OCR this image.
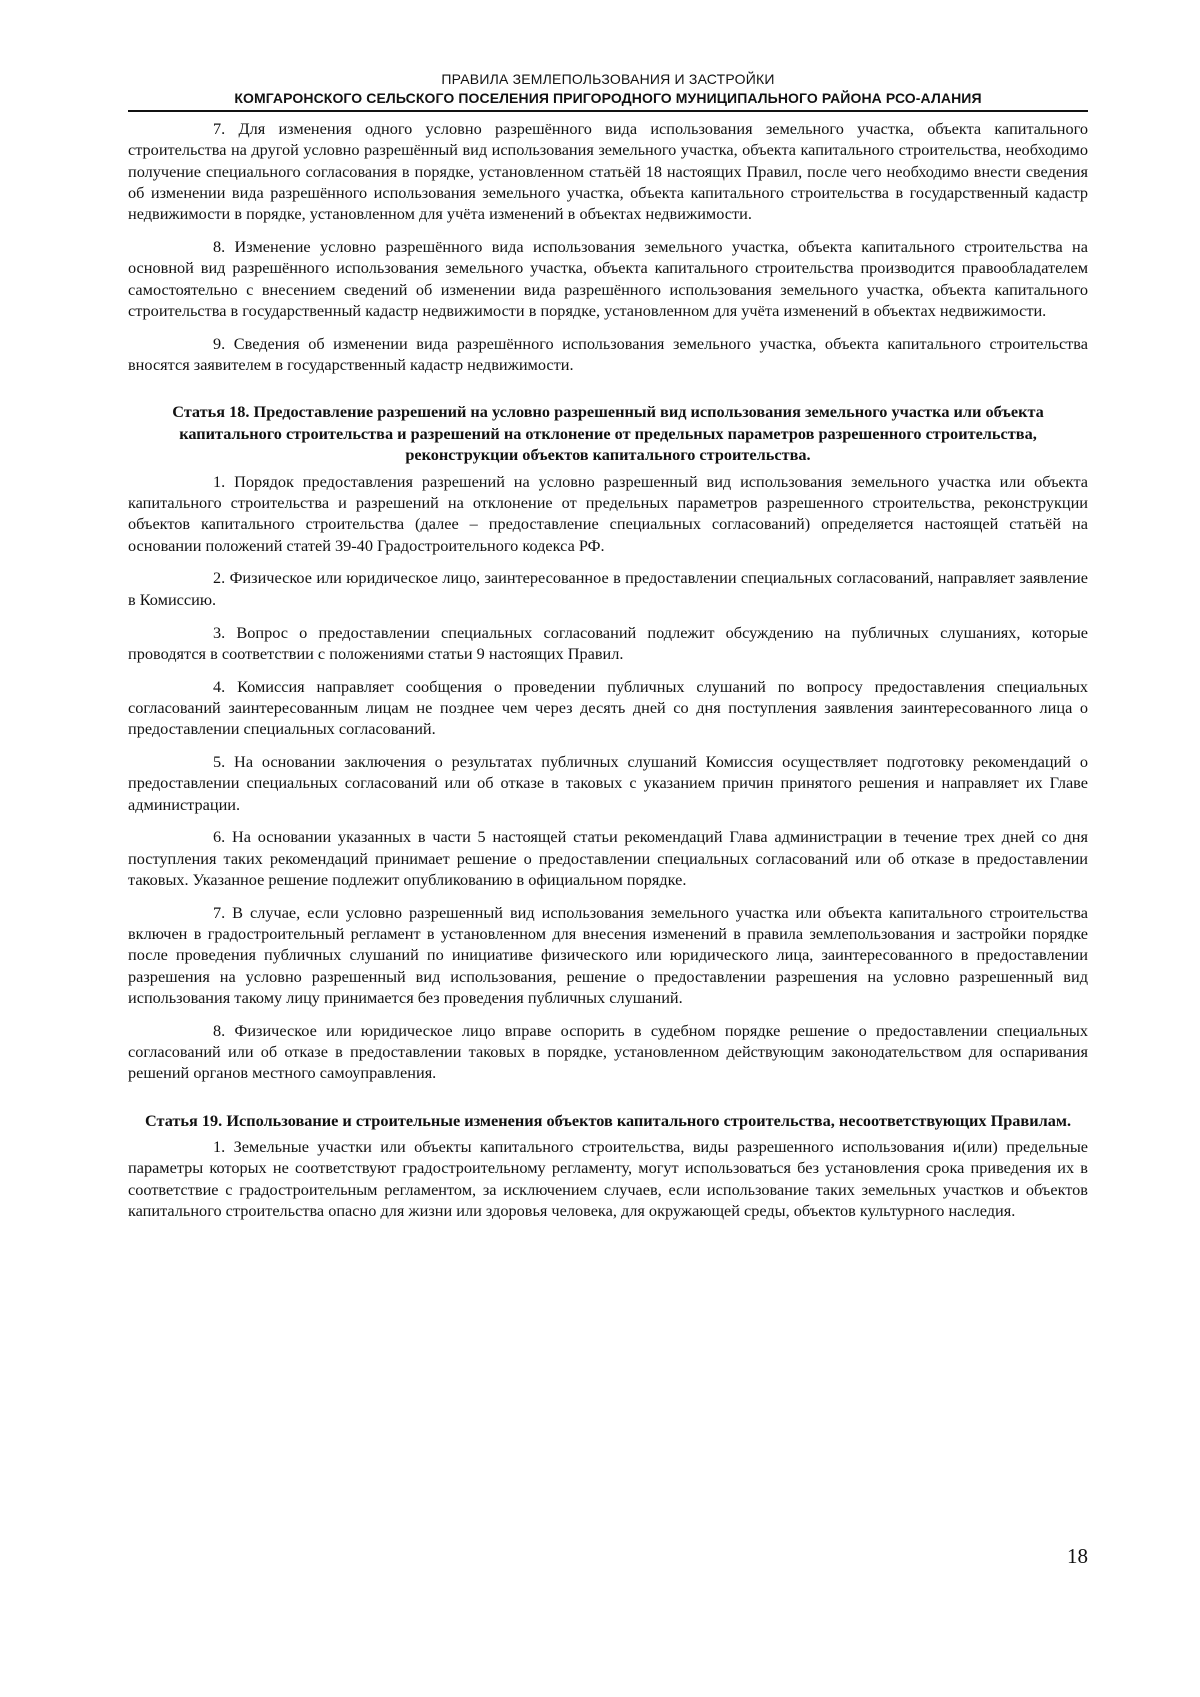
ПРАВИЛА ЗЕМЛЕПОЛЬЗОВАНИЯ И ЗАСТРОЙКИ
КОМГАРОНСКОГО СЕЛЬСКОГО ПОСЕЛЕНИЯ ПРИГОРОДНОГО МУНИЦИПАЛЬНОГО РАЙОНА РСО-АЛАНИЯ

7. Для изменения одного условно разрешённого вида использования земельного участка, объекта капитального строительства на другой условно разрешённый вид использования земельного участка, объекта капитального строительства, необходимо получение специального согласования в порядке, установленном статьёй 18 настоящих Правил, после чего необходимо внести сведения об изменении вида разрешённого использования земельного участка, объекта капитального строительства в государственный кадастр недвижимости в порядке, установленном для учёта изменений в объектах недвижимости.

8. Изменение условно разрешённого вида использования земельного участка, объекта капитального строительства на основной вид разрешённого использования земельного участка, объекта капитального строительства производится правообладателем самостоятельно с внесением сведений об изменении вида разрешённого использования земельного участка, объекта капитального строительства в государственный кадастр недвижимости в порядке, установленном для учёта изменений в объектах недвижимости.

9. Сведения об изменении вида разрешённого использования земельного участка, объекта капитального строительства вносятся заявителем в государственный кадастр недвижимости.

Статья 18. Предоставление разрешений на условно разрешенный вид использования земельного участка или объекта капитального строительства и разрешений на отклонение от предельных параметров разрешенного строительства, реконструкции объектов капитального строительства.

1. Порядок предоставления разрешений на условно разрешенный вид использования земельного участка или объекта капитального строительства и разрешений на отклонение от предельных параметров разрешенного строительства, реконструкции объектов капитального строительства (далее – предоставление специальных согласований) определяется настоящей статьёй на основании положений статей 39-40 Градостроительного кодекса РФ.

2. Физическое или юридическое лицо, заинтересованное в предоставлении специальных согласований, направляет заявление в Комиссию.

3. Вопрос о предоставлении специальных согласований подлежит обсуждению на публичных слушаниях, которые проводятся в соответствии с положениями статьи 9 настоящих Правил.

4. Комиссия направляет сообщения о проведении публичных слушаний по вопросу предоставления специальных согласований заинтересованным лицам не позднее чем через десять дней со дня поступления заявления заинтересованного лица о предоставлении специальных согласований.

5. На основании заключения о результатах публичных слушаний Комиссия осуществляет подготовку рекомендаций о предоставлении специальных согласований или об отказе в таковых с указанием причин принятого решения и направляет их Главе администрации.

6. На основании указанных в части 5 настоящей статьи рекомендаций Глава администрации в течение трех дней со дня поступления таких рекомендаций принимает решение о предоставлении специальных согласований или об отказе в предоставлении таковых. Указанное решение подлежит опубликованию в официальном порядке.

7. В случае, если условно разрешенный вид использования земельного участка или объекта капитального строительства включен в градостроительный регламент в установленном для внесения изменений в правила землепользования и застройки порядке после проведения публичных слушаний по инициативе физического или юридического лица, заинтересованного в предоставлении разрешения на условно разрешенный вид использования, решение о предоставлении разрешения на условно разрешенный вид использования такому лицу принимается без проведения публичных слушаний.

8. Физическое или юридическое лицо вправе оспорить в судебном порядке решение о предоставлении специальных согласований или об отказе в предоставлении таковых в порядке, установленном действующим законодательством для оспаривания решений органов местного самоуправления.

Статья 19. Использование и строительные изменения объектов капитального строительства, несоответствующих Правилам.

1. Земельные участки или объекты капитального строительства, виды разрешенного использования и(или) предельные параметры которых не соответствуют градостроительному регламенту, могут использоваться без установления срока приведения их в соответствие с градостроительным регламентом, за исключением случаев, если использование таких земельных участков и объектов капитального строительства опасно для жизни или здоровья человека, для окружающей среды, объектов культурного наследия.

18
